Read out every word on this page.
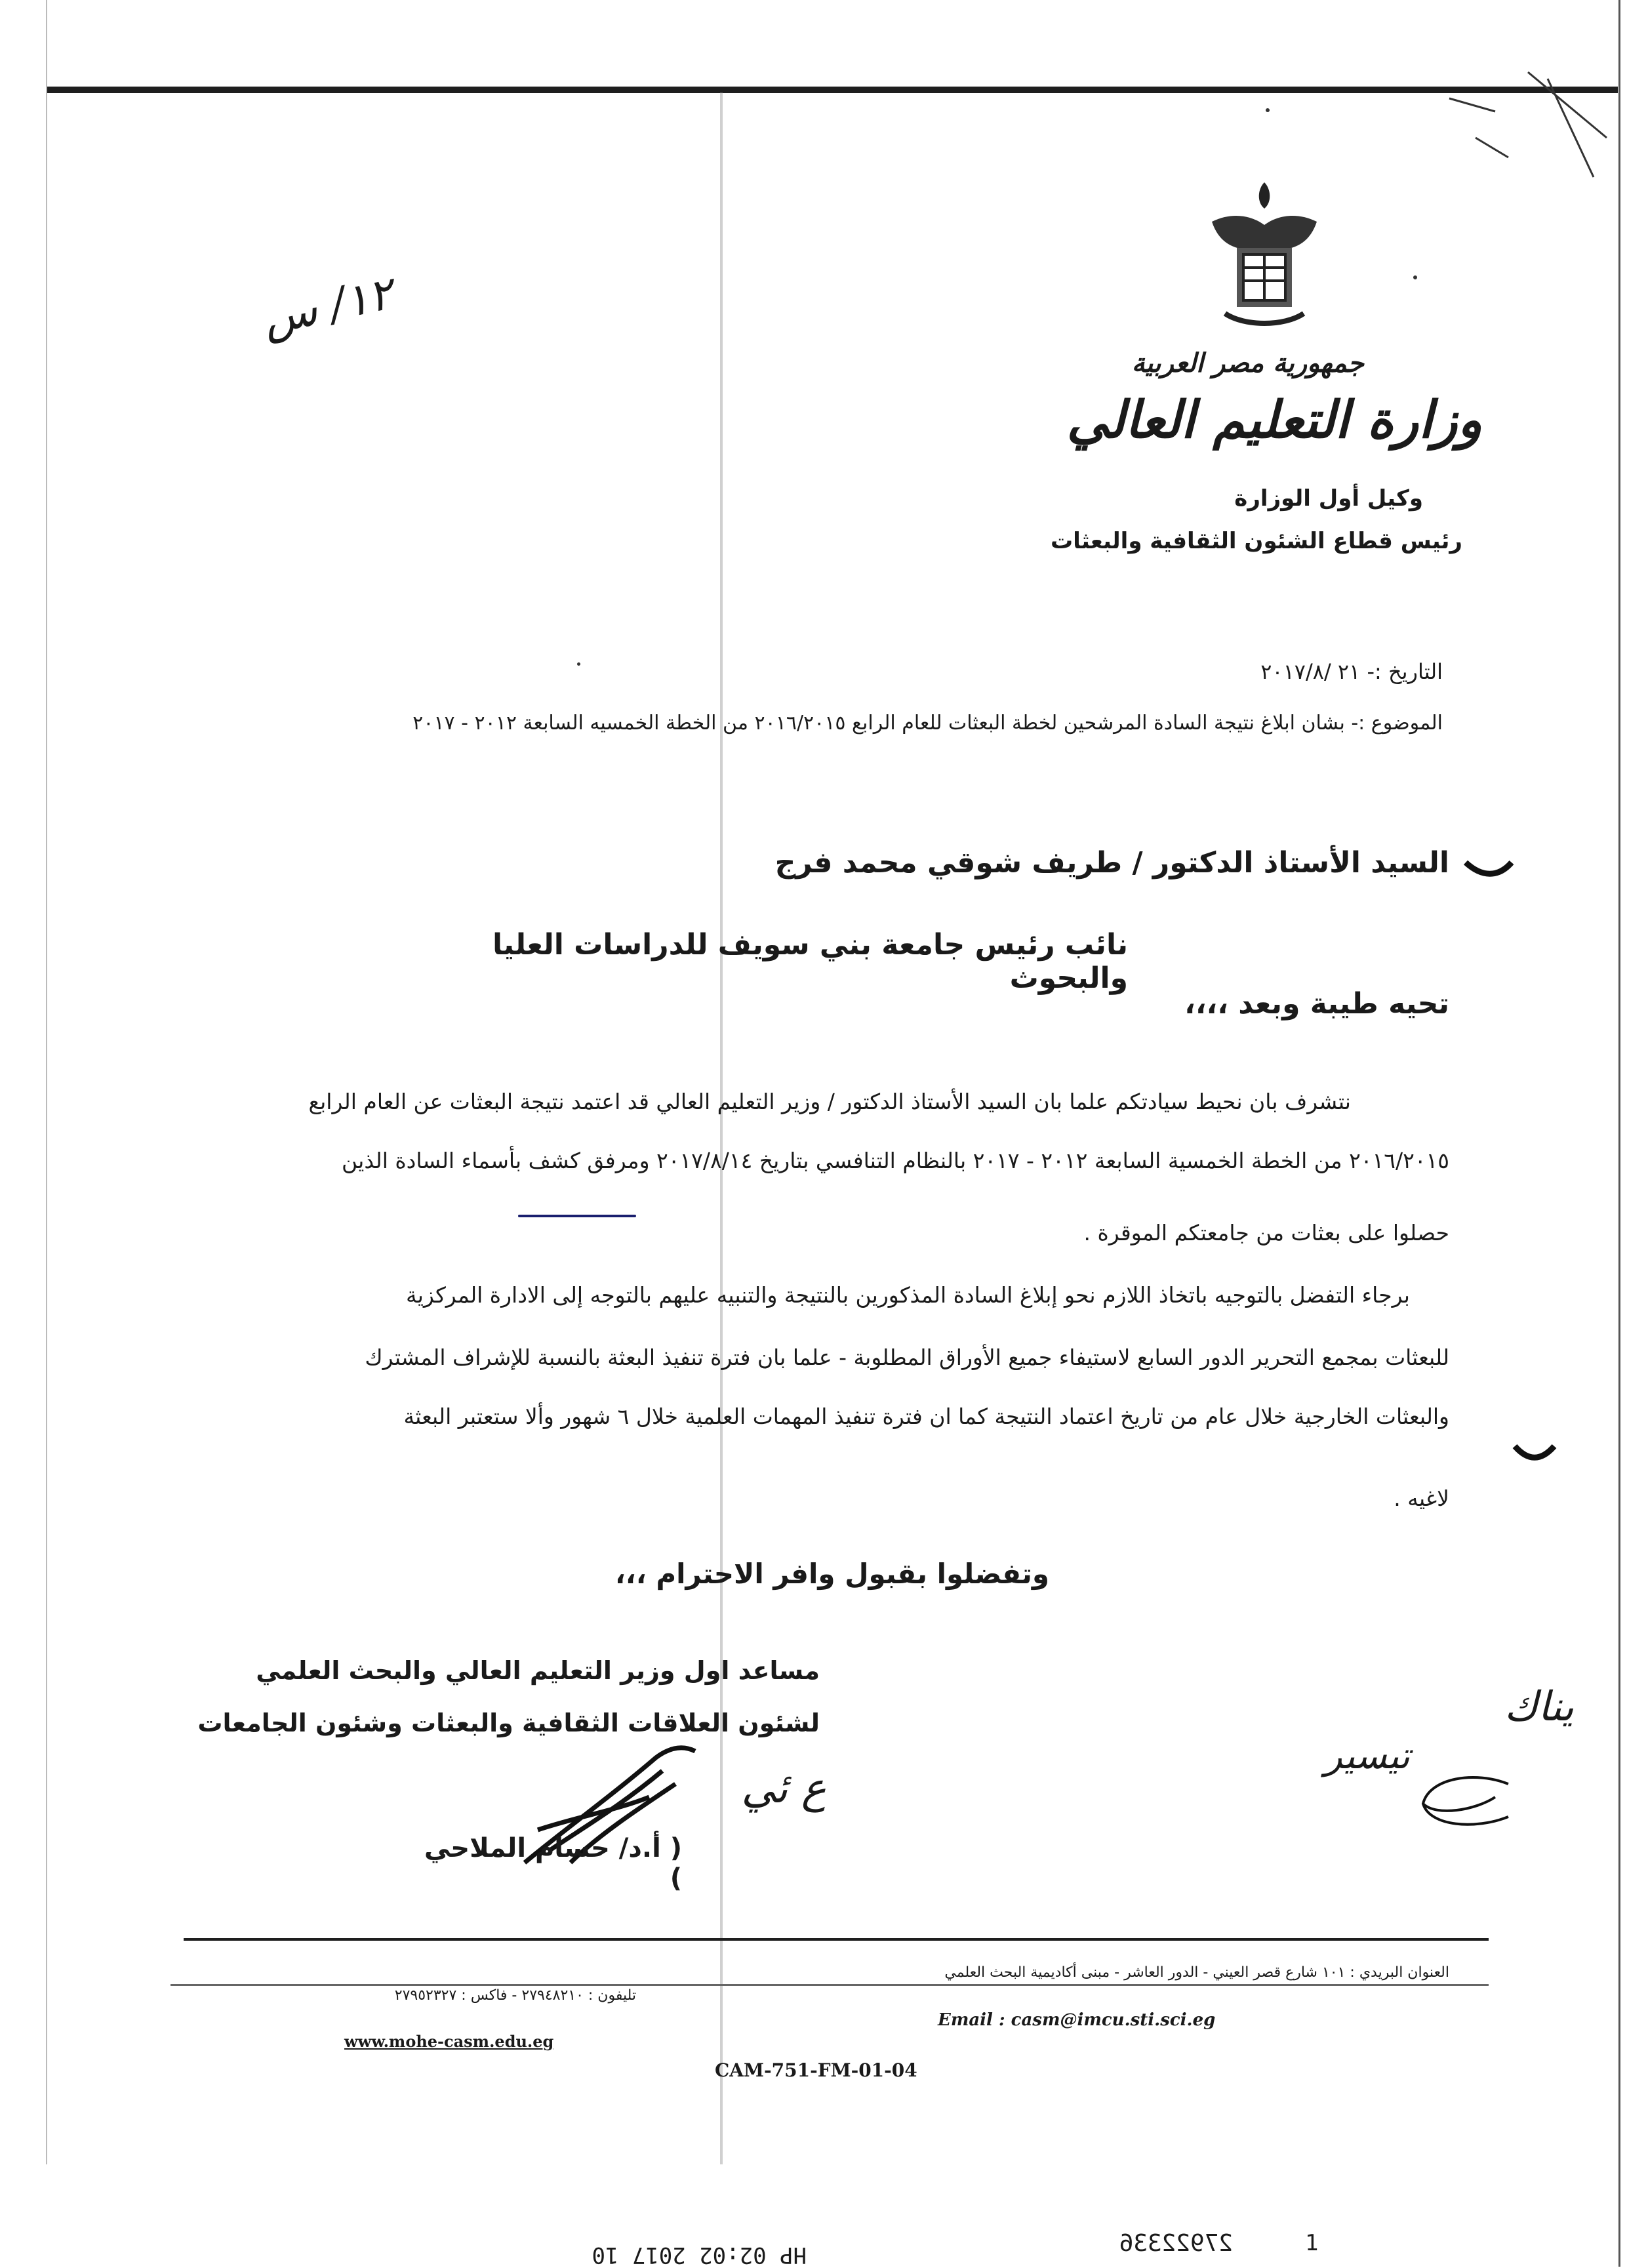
جمهورية مصر العربية
وزارة التعليم العالي
وكيل أول الوزارة
رئيس قطاع الشئون الثقافية والبعثات
١٢/ س
التاريخ :- ٢١ /٢٠١٧/٨
الموضوع :- بشان ابلاغ نتيجة السادة المرشحين لخطة البعثات للعام الرابع ٢٠١٦/٢٠١٥ من الخطة الخمسيه السابعة ٢٠١٢ - ٢٠١٧
السيد الأستاذ الدكتور / طريف شوقي محمد فرج
نائب رئيس جامعة بني سويف للدراسات العليا والبحوث
تحيه طيبة وبعد ،،،،
نتشرف بان نحيط سيادتكم علما بان السيد الأستاذ الدكتور / وزير التعليم العالي قد اعتمد نتيجة البعثات عن العام الرابع
٢٠١٦/٢٠١٥ من الخطة الخمسية السابعة ٢٠١٢ - ٢٠١٧ بالنظام التنافسي بتاريخ ٢٠١٧/٨/١٤ ومرفق كشف بأسماء السادة الذين
حصلوا على بعثات من جامعتكم الموقرة .
برجاء التفضل بالتوجيه باتخاذ اللازم نحو إبلاغ السادة المذكورين بالنتيجة والتنبيه عليهم بالتوجه إلى الادارة المركزية
للبعثات بمجمع التحرير الدور السابع لاستيفاء جميع الأوراق المطلوبة - علما بان فترة تنفيذ البعثة بالنسبة للإشراف المشترك
والبعثات الخارجية خلال عام من تاريخ اعتماد النتيجة كما ان فترة تنفيذ المهمات العلمية خلال ٦ شهور وألا ستعتبر البعثة
لاغيه .
وتفضلوا بقبول وافر الاحترام ،،،
مساعد اول وزير التعليم العالي والبحث العلمي
لشئون العلاقات الثقافية والبعثات وشئون الجامعات
ع ئي
( أ.د/ حسام الملاحي )
يناك
تيسير
العنوان البريدي : ١٠١ شارع قصر العيني - الدور العاشر - مبنى أكاديمية البحث العلمي
تليفون : ٢٧٩٤٨٢١٠ - فاكس : ٢٧٩٥٢٣٢٧
Email : casm@imcu.sti.sci.eg
www.mohe-casm.edu.eg
CAM-751-FM-01-04
1
27922336
HP 02:02 2017 10
